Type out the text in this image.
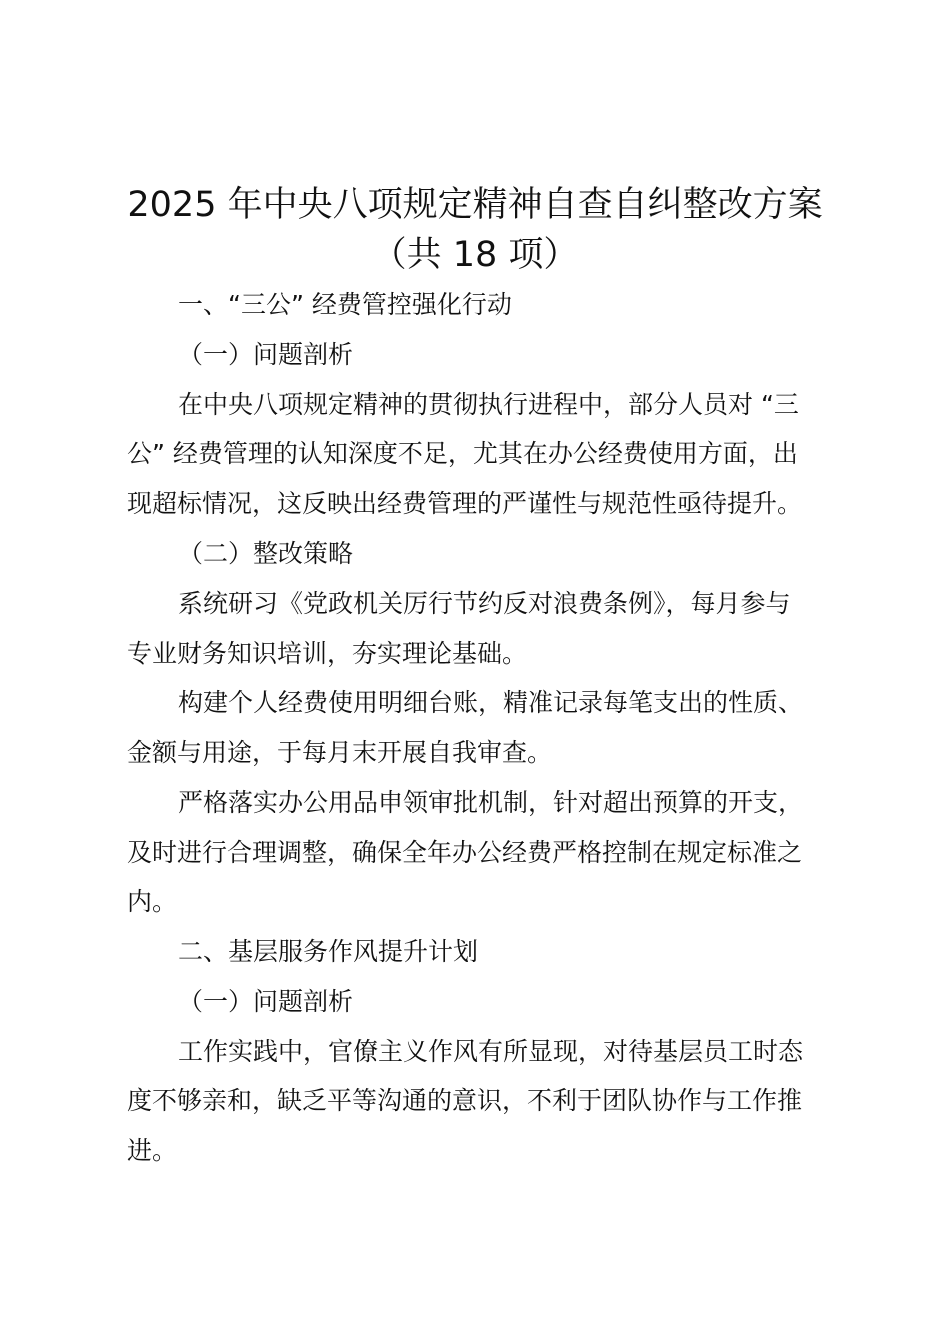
2025 年中央八项规定精神自查自纠整改方案
（共 18 项）

一、“三公” 经费管控强化行动

（一）问题剖析

在中央八项规定精神的贯彻执行进程中，部分人员对 “三

公” 经费管理的认知深度不足，尤其在办公经费使用方面，出

现超标情况，这反映出经费管理的严谨性与规范性亟待提升。

（二）整改策略

系统研习《党政机关厉行节约反对浪费条例》，每月参与

专业财务知识培训，夯实理论基础。

构建个人经费使用明细台账，精准记录每笔支出的性质、

金额与用途，于每月末开展自我审查。

严格落实办公用品申领审批机制，针对超出预算的开支，

及时进行合理调整，确保全年办公经费严格控制在规定标准之

内。

二、基层服务作风提升计划

（一）问题剖析

工作实践中，官僚主义作风有所显现，对待基层员工时态

度不够亲和，缺乏平等沟通的意识，不利于团队协作与工作推

进。
